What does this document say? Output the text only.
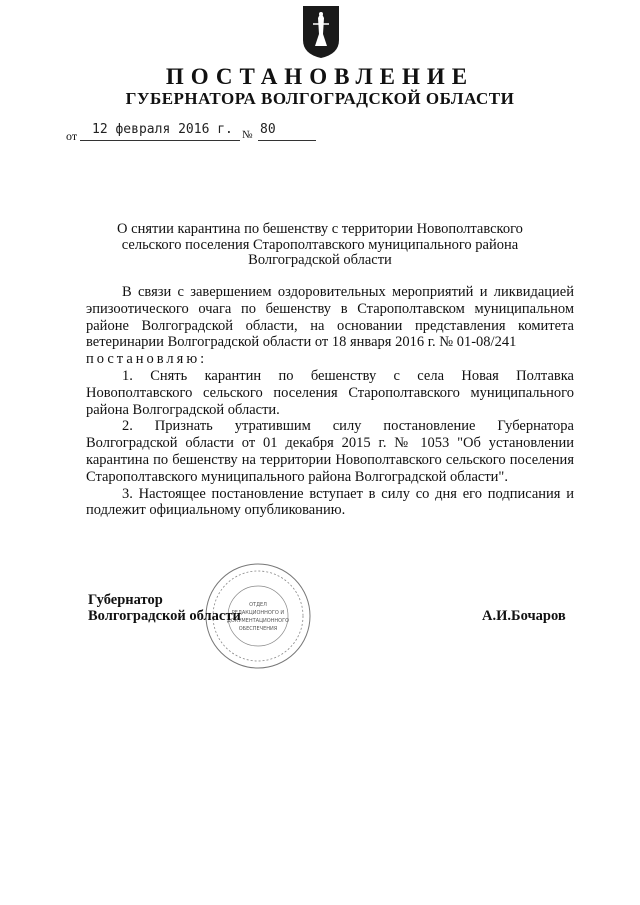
ПОСТАНОВЛЕНИЕ
ГУБЕРНАТОРА ВОЛГОГРАДСКОЙ ОБЛАСТИ
от 12 февраля 2016 г. № 80
О снятии карантина по бешенству с территории Новополтавского сельского поселения Старополтавского муниципального района Волгоградской области

В связи с завершением оздоровительных мероприятий и ликвидацией эпизоотического очага по бешенству в Старополтавском муниципальном районе Волгоградской области, на основании представления комитета ветеринарии Волгоградской области от 18 января 2016 г. № 01-08/241

постановляю:

1. Снять карантин по бешенству с села Новая Полтавка Новополтавского сельского поселения Старополтавского муниципального района Волгоградской области.

2. Признать утратившим силу постановление Губернатора Волгоградской области от 01 декабря 2015 г. № 1053 "Об установлении карантина по бешенству на территории Новополтавского сельского поселения Старополтавского муниципального района Волгоградской области".

3. Настоящее постановление вступает в силу со дня его подписания и подлежит официальному опубликованию.

ОТДЕЛ
РЕДАКЦИОННОГО И
ДОКУМЕНТАЦИОННОГО
ОБЕСПЕЧЕНИЯ
Губернатор
Волгоградской области	А.И.Бочаров
